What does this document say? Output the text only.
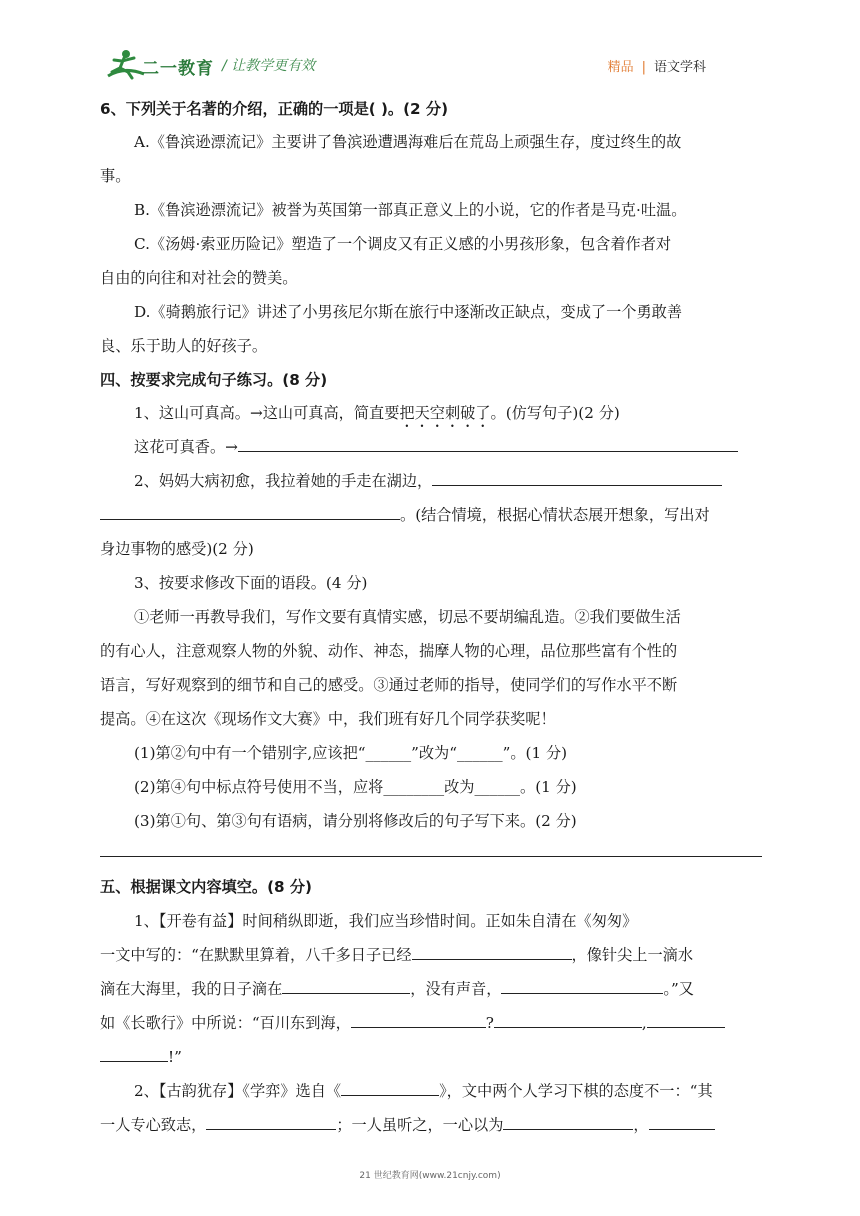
二一教育 / 让教学更有效	精品 | 语文学科
6、下列关于名著的介绍，正确的一项是( )。(2 分)
A.《鲁滨逊漂流记》主要讲了鲁滨逊遭遇海难后在荒岛上顽强生存，度过终生的故
事。
B.《鲁滨逊漂流记》被誉为英国第一部真正意义上的小说，它的作者是马克·吐温。
C.《汤姆·索亚历险记》塑造了一个调皮又有正义感的小男孩形象，包含着作者对
自由的向往和对社会的赞美。
D.《骑鹅旅行记》讲述了小男孩尼尔斯在旅行中逐渐改正缺点，变成了一个勇敢善
良、乐于助人的好孩子。
四、按要求完成句子练习。(8 分)
1、这山可真高。→这山可真高，简直要把天空刺破了。(仿写句子)(2 分)
这花可真香。→
2、妈妈大病初愈，我拉着她的手走在湖边，
。(结合情境，根据心情状态展开想象，写出对
身边事物的感受)(2 分)
3、按要求修改下面的语段。(4 分)
①老师一再教导我们，写作文要有真情实感，切忌不要胡编乱造。②我们要做生活
的有心人，注意观察人物的外貌、动作、神态，揣摩人物的心理，品位那些富有个性的
语言，写好观察到的细节和自己的感受。③通过老师的指导，使同学们的写作水平不断
提高。④在这次《现场作文大赛》中，我们班有好几个同学获奖呢！
(1)第②句中有一个错别字,应该把“______”改为“______”。(1 分)
(2)第④句中标点符号使用不当，应将________改为______。(1 分)
(3)第①句、第③句有语病，请分别将修改后的句子写下来。(2 分)
五、根据课文内容填空。(8 分)
1、【开卷有益】时间稍纵即逝，我们应当珍惜时间。正如朱自清在《匆匆》
一文中写的：“在默默里算着，八千多日子已经	，像针尖上一滴水
滴在大海里，我的日子滴在	，没有声音，	。”又
如《长歌行》中所说：“百川东到海，	?	,
!”
2、【古韵犹存】《学弈》选自《	》，文中两个人学习下棋的态度不一：“其
一人专心致志，	；一人虽听之，一心以为	，
21 世纪教育网(www.21cnjy.com)
